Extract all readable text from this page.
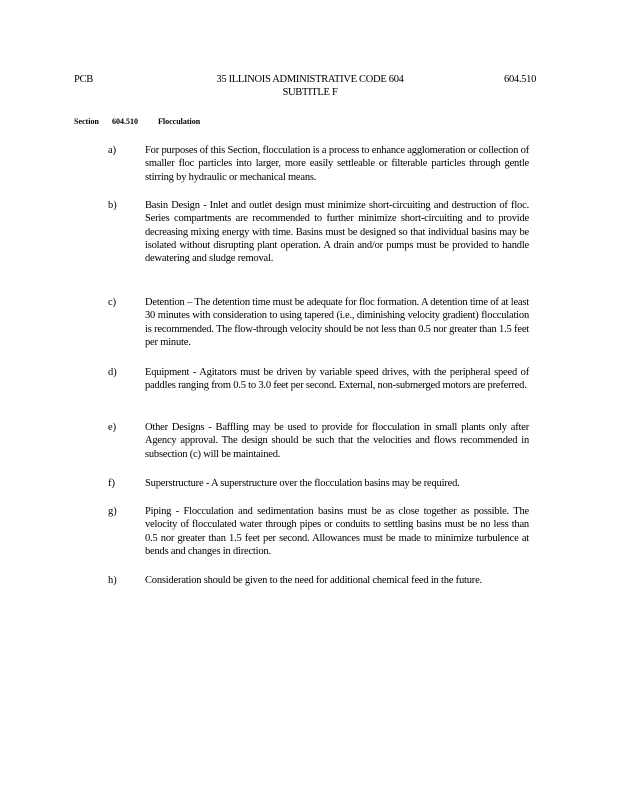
PCB	35 ILLINOIS ADMINISTRATIVE CODE 604
SUBTITLE F
604.510
Section 604.510	Flocculation
a)	For purposes of this Section, flocculation is a process to enhance agglomeration or collection of smaller floc particles into larger, more easily settleable or filterable particles through gentle stirring by hydraulic or mechanical means.
b)	Basin Design - Inlet and outlet design must minimize short-circuiting and destruction of floc. Series compartments are recommended to further minimize short-circuiting and to provide decreasing mixing energy with time. Basins must be designed so that individual basins may be isolated without disrupting plant operation. A drain and/or pumps must be provided to handle dewatering and sludge removal.
c)	Detention – The detention time must be adequate for floc formation. A detention time of at least 30 minutes with consideration to using tapered (i.e., diminishing velocity gradient) flocculation is recommended. The flow-through velocity should be not less than 0.5 nor greater than 1.5 feet per minute.
d)	Equipment - Agitators must be driven by variable speed drives, with the peripheral speed of paddles ranging from 0.5 to 3.0 feet per second. External, non-submerged motors are preferred.
e)	Other Designs - Baffling may be used to provide for flocculation in small plants only after Agency approval. The design should be such that the velocities and flows recommended in subsection (c) will be maintained.
f)	Superstructure - A superstructure over the flocculation basins may be required.
g)	Piping - Flocculation and sedimentation basins must be as close together as possible. The velocity of flocculated water through pipes or conduits to settling basins must be no less than 0.5 nor greater than 1.5 feet per second. Allowances must be made to minimize turbulence at bends and changes in direction.
h)	Consideration should be given to the need for additional chemical feed in the future.
